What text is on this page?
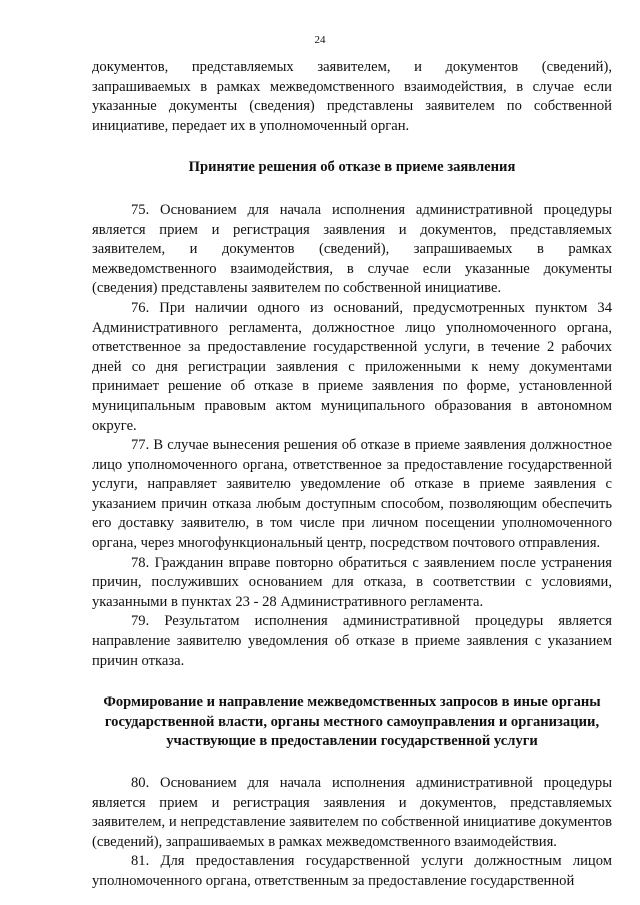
24

документов, представляемых заявителем, и документов (сведений), запрашиваемых в рамках межведомственного взаимодействия, в случае если указанные документы (сведения) представлены заявителем по собственной инициативе, передает их в уполномоченный орган.

Принятие решения об отказе в приеме заявления

75. Основанием для начала исполнения административной процедуры является прием и регистрация заявления и документов, представляемых заявителем, и документов (сведений), запрашиваемых в рамках межведомственного взаимодействия, в случае если указанные документы (сведения) представлены заявителем по собственной инициативе.

76. При наличии одного из оснований, предусмотренных пунктом 34 Административного регламента, должностное лицо уполномоченного органа, ответственное за предоставление государственной услуги, в течение 2 рабочих дней со дня регистрации заявления с приложенными к нему документами принимает решение об отказе в приеме заявления по форме, установленной муниципальным правовым актом муниципального образования в автономном округе.

77. В случае вынесения решения об отказе в приеме заявления должностное лицо уполномоченного органа, ответственное за предоставление государственной услуги, направляет заявителю уведомление об отказе в приеме заявления с указанием причин отказа любым доступным способом, позволяющим обеспечить его доставку заявителю, в том числе при личном посещении уполномоченного органа, через многофункциональный центр, посредством почтового отправления.

78. Гражданин вправе повторно обратиться с заявлением после устранения причин, послуживших основанием для отказа, в соответствии с условиями, указанными в пунктах 23 - 28 Административного регламента.

79. Результатом исполнения административной процедуры является направление заявителю уведомления об отказе в приеме заявления с указанием причин отказа.

Формирование и направление межведомственных запросов в иные органы государственной власти, органы местного самоуправления и организации, участвующие в предоставлении государственной услуги

80. Основанием для начала исполнения административной процедуры является прием и регистрация заявления и документов, представляемых заявителем, и непредставление заявителем по собственной инициативе документов (сведений), запрашиваемых в рамках межведомственного взаимодействия.

81. Для предоставления государственной услуги должностным лицом уполномоченного органа, ответственным за предоставление государственной
